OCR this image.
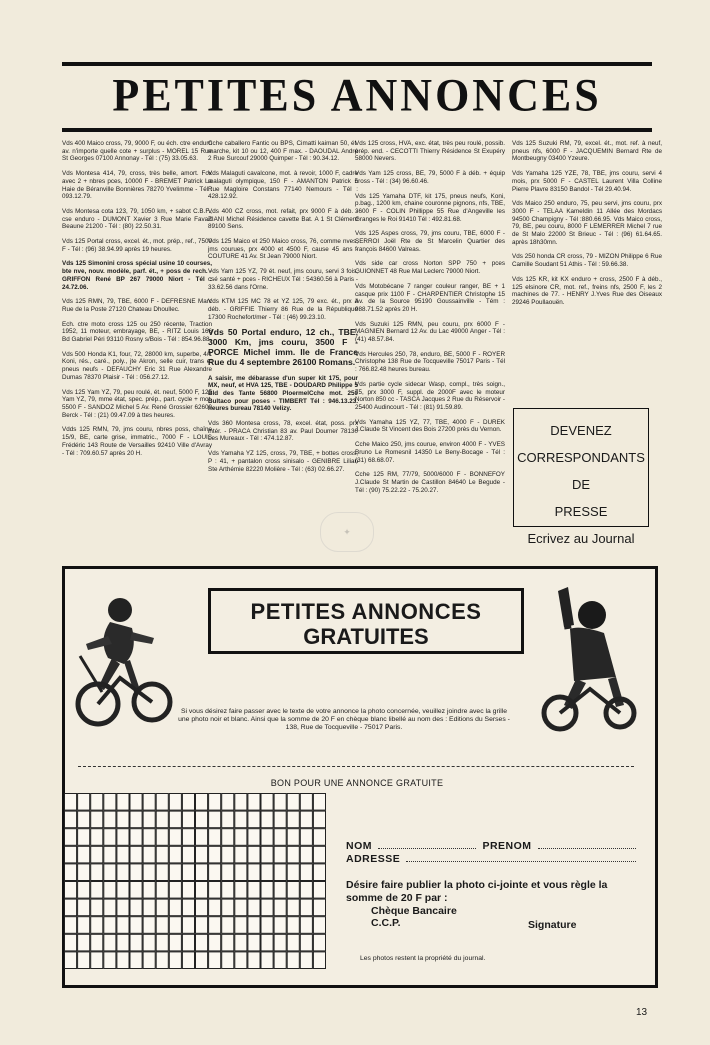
PETITES ANNONCES

Vds 400 Maico cross, 79, 9000 F, ou éch. ctre enduro av. n'importe quelle cote + surplus - MOREL 15 Rue St Georges 07100 Annonay - Tél : (75) 33.05.63.

Vds Montesa 414, 79, cross, très belle, amort. Fox avec 2 + nbres pces, 10000 F - BREMET Patrick La Haie de Béranville Bonnières 78270 Yvelimme - Tél : 093.12.79.

Vds Montesa cota 123, 79, 1050 km, + sabot C.B.F., cse enduro - DUMONT Xavier 3 Rue Marie Favart Beaune 21200 - Tél : (80) 22.50.31.

Vds 125 Portal cross, excel. ét., mot. prép., ref., 7500 F - Tél : (96) 38.94.99 après 19 heures.

Vds 125 Simonini cross spécial usine 10 courses, bte nve, nouv. modèle, parf. ét., + poss de rech. - GRIFFON René BP 267 79000 Niort - Tél : 24.72.06.

Vds 125 RMN, 79, TBE, 6000 F - DEFRESNE Marc Rue de la Poste 27120 Chateau Dhoullec.

Ech. ctre moto cross 125 ou 250 récente, Traction 1952, 11 moteur, embrayage, BE, - RITZ Louis 166 Bd Gabriel Péri 93110 Rosny s/Bois - Tél : 854.96.88.

Vds 500 Honda K1, four, 72, 28000 km, superbe, 4/1 Koni, rés., caré., poly., jte Akron, selle cuir, trans et pneus neufs - DEFAUCHY Eric 31 Rue Alexandre Dumas 78370 Plaisir - Tél : 056.27.12.

Vds 125 Yam YZ, 79, peu roulé, ét. neuf, 5000 F, 125 Yam YZ, 79, mme état, spec. prép., part. cycle + mot. 5500 F - SANDOZ Michel 5 Av. René Grossier 62600 Berck - Tél : (21) 09.47.09 à ttes heures.

Vdds 125 RMN, 79, jms couru, nbres poss, chaîne 15/9, BE, carte grise, immatric., 7000 F - LOUIS Frédéric 143 Route de Versailles 92410 Ville d'Avray - Tél : 709.60.57 après 20 H.

Cche caballero Fantic ou BPS, Cimatti kaiman 50, ét. marche, kit 10 ou 12, 400 F max. - DAOUDAL André 2 Rue Surcouf 29000 Quimper - Tél : 90.34.12.

Vds Malaguti cavalcone, mot. à revoir, 1000 F, cadre malaguti olympique, 150 F - AMANTON Patrick 5 Rue Magloire Constans 77140 Nemours - Tél : 428.12.92.

Vds 400 CZ cross, mot. refait, prx 9000 F à déb. - ZIANI Michel Résidence cavette Bat. A 1 St Clément 89100 Sens.

Vds 125 Maico et 250 Maico cross, 76, comme nves, jms courues, prx 4000 et 4500 F, cause 45 ans - COUTURE 41 Av. St Jean 79000 Niort.

Vds Yam 125 YZ, 79 ét. neuf, jms couru, servi 3 fois, csé santé + pces - RICHEUX Tél : 54360.56 à Paris - 33.62.56 dans l'Orne.

Vds KTM 125 MC 78 et YZ 125, 79 exc. ét., prx à déb. - GRIFFIE Thierry 86 Rue de la République 17300 Rochefort/mer - Tél : (46) 99.23.10.

Vds 50 Portal enduro, 12 ch., TBE, 3000 Km, jms couru, 3500 F - PORCE Michel imm. Ile de France Rue du 4 septembre 26100 Romans.

A saisir, me débarasse d'un super kit 175, pour MX, neuf, et HVA 125, TBE - DOUDARD Philippe 5 Bld des Tante 56800 PloermelCche mot. 250 Bultaco pour poses - TIMBERT Tél : 946.13.23. heures bureau 78140 Velizy.

Vds 360 Montesa cross, 78, excel. état, poss. prx intér. - PRACA Christian 83 av. Paul Doumer 78130 Les Mureaux - Tél : 474.12.87.

Vds Yamaha YZ 125, cross, 79, TBE, + bottes cross, P : 41, + pantalon cross sinisalo - GENIBRE Lilian Ste Arthémie 82220 Molière - Tél : (63) 02.66.27.

Vds 125 cross, HVA, exc. état, très peu roulé, possib. prép. end. - CECOTTI Thierry Résidence St Exupéry 58000 Nevers.

Vds Yam 125 cross, BE, 79, 5000 F à déb. + équip cross - Tél : (34) 96.60.46.

Vds 125 Yamaha DTF, kit 175, pneus neufs, Koni, p.bag., 1200 km, chaine couronne pignons, nfs, TBE, 3600 F - COLIN Phillippe 55 Rue d'Angeville les Granges le Roi 91410 Tél : 492.81.68.

Vds 125 Aspes cross, 79, jms couru, TBE, 6000 F - SERROI Joël Rte de St Marcelin Quartier des françois 84600 Valreas.

Vds side car cross Norton SPP 750 + pces GUIONNET 48 Rue Mal Leclerc 79000 Niort.

Vds Motobécane 7 ranger couleur ranger, BE + 1 casque prix 1100 F - CHARPENTIER Christophe 15 Av. de la Source 95190 Goussainville - Tém : 988.71.52 après 20 H.

Vds Suzuki 125 RMN, peu couru, prx 6000 F - MAGNIEN Bernard 12 Av. du Lac 49000 Anger - Tél : (41) 48.57.84.

Vds Hercules 250, 78, enduro, BE, 5000 F - ROYER Christophe 138 Rue de Tocqueville 75017 Paris - Tél : 766.82.48 heures bureau.

Vds partie cycle sidecar Wasp, compl., très soign., 75, prx 3000 F, suppl. de 2000F avec le moteur Norton 850 cc - TASCA Jacques 2 Rue du Réservoir - 25400 Audincourt - Tél : (81) 91.59.89.

Vds Yamaha 125 YZ, 77, TBE, 4000 F - DUREK J.Claude St Vincent des Bois 27200 près du Vernon.

Cche Maico 250, jms courue, environ 4000 F - YVES Bruno Le Romesnil 14350 Le Beny-Bocage - Tél : (31) 68.68.07.

Cche 125 RM, 77/79, 5000/6000 F - BONNEFOY J.Claude St Martin de Castillon 84640 Le Begude - Tél : (90) 75.22.22 - 75.20.27.

Vds 125 Suzuki RM, 79, excel. ét., mot. ref. à neuf, pneus nfs, 6000 F - JACQUEMIN Bernard Rte de Montbeugny 03400 Yzeure.

Vds Yamaha 125 YZE, 78, TBE, jms couru, servi 4 mois, prx 5000 F - CASTEL Laurent Villa Colline Pierre Plavre 83150 Bandol - Tél 29.40.94.

Vds Maico 250 enduro, 75, peu servi, jms couru, prx 3000 F - TELAA Kameldin 11 Allée des Mordacs 94500 Champigny - Tél :880.66.95. Vds Maico cross, 79, BE, peu couru, 8000 F LEMERRER Michel 7 rue de St Malo 22000 St Brieuc - Tél : (96) 61.64.65. après 18h30mn.

Vds 250 honda CR cross, 79 - MIZON Philippe 6 Rue Camille Soudant 51 Athis - Tél : 59.66.38.

Vds 125 KR, kit KX enduro + cross, 2500 F à déb., 125 elsinore CR, mot. ref., freins nfs, 2500 F, les 2 machines de 77. - HENRY J.Yves Rue des Oiseaux 29246 Poullaouën.

DEVENEZ
CORRESPONDANTS
DE
PRESSE
Ecrivez au Journal
✦
PETITES ANNONCES
GRATUITES
Si vous désirez faire passer avec le texte de votre annonce la photo concernée, veuillez joindre avec la grille une photo noir et blanc. Ainsi que la somme de 20 F en chèque blanc libellé au nom des : Editions du Serses - 138, Rue de Tocqueville - 75017 Paris.
BON POUR UNE ANNONCE GRATUITE
NOM	PRENOM
ADRESSE
Désire faire publier la photo ci-jointe et vous règle la somme de 20 F par :
Chèque Bancaire
C.C.P.	Signature
Les photos restent la propriété du journal.
13
